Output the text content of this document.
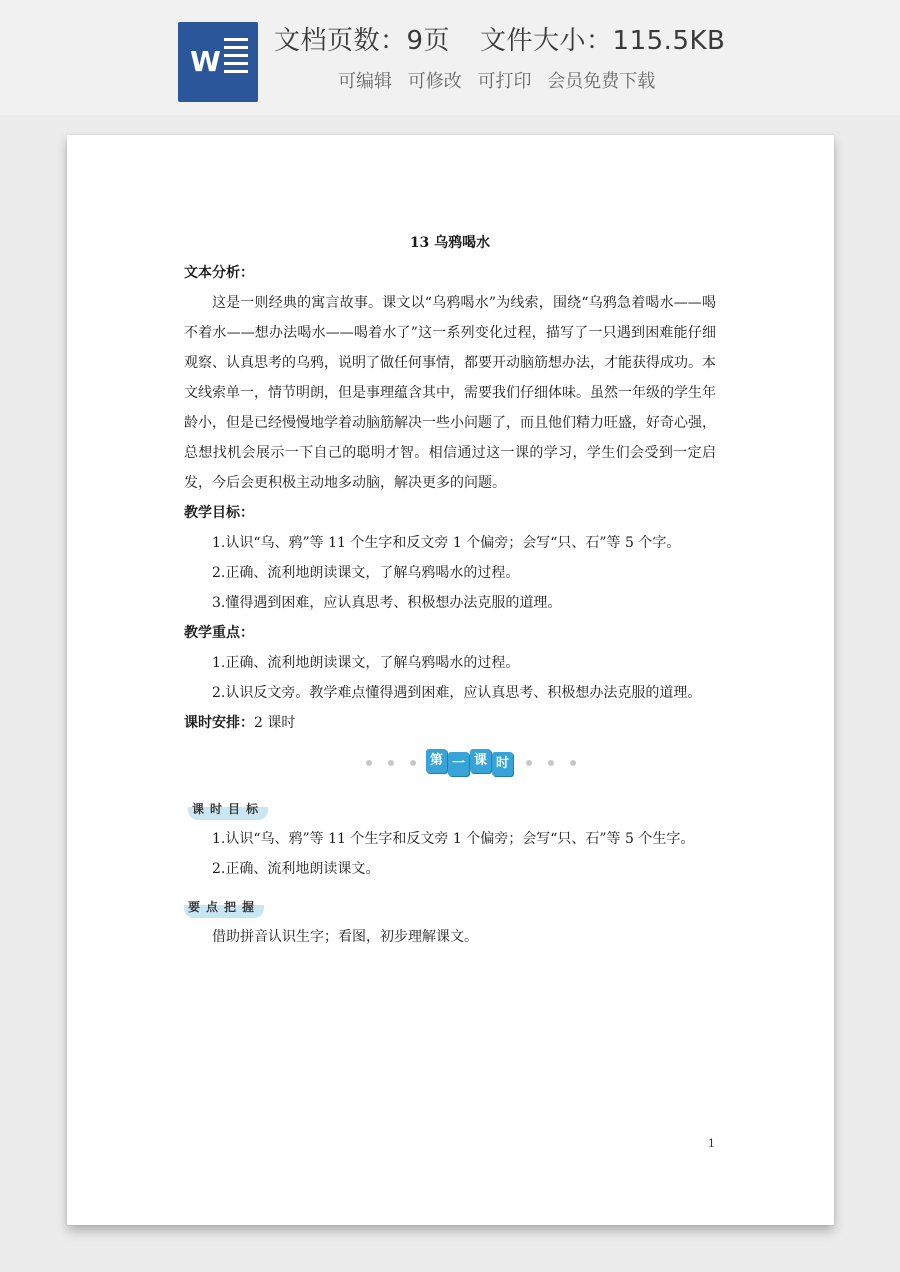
W
文档页数：9页 文件大小：115.5KB
可编辑 可修改 可打印 会员免费下载

13 乌鸦喝水

文本分析：

这是一则经典的寓言故事。课文以“乌鸦喝水”为线索，围绕“乌鸦急着喝水——喝不着水——想办法喝水——喝着水了”这一系列变化过程，描写了一只遇到困难能仔细观察、认真思考的乌鸦，说明了做任何事情，都要开动脑筋想办法，才能获得成功。本文线索单一，情节明朗，但是事理蕴含其中，需要我们仔细体味。虽然一年级的学生年龄小，但是已经慢慢地学着动脑筋解决一些小问题了，而且他们精力旺盛，好奇心强，总想找机会展示一下自己的聪明才智。相信通过这一课的学习，学生们会受到一定启发，今后会更积极主动地多动脑，解决更多的问题。

教学目标：

1.认识“乌、鸦”等 11 个生字和反文旁 1 个偏旁；会写“只、石”等 5 个字。

2.正确、流利地朗读课文，了解乌鸦喝水的过程。

3.懂得遇到困难，应认真思考、积极想办法克服的道理。

教学重点：

1.正确、流利地朗读课文，了解乌鸦喝水的过程。

2.认识反文旁。教学难点懂得遇到困难，应认真思考、积极想办法克服的道理。

课时安排：2 课时

第 一 课 时
课时目标

1.认识“乌、鸦”等 11 个生字和反文旁 1 个偏旁；会写“只、石”等 5 个生字。

2.正确、流利地朗读课文。

要点把握

借助拼音认识生字；看图，初步理解课文。

1
